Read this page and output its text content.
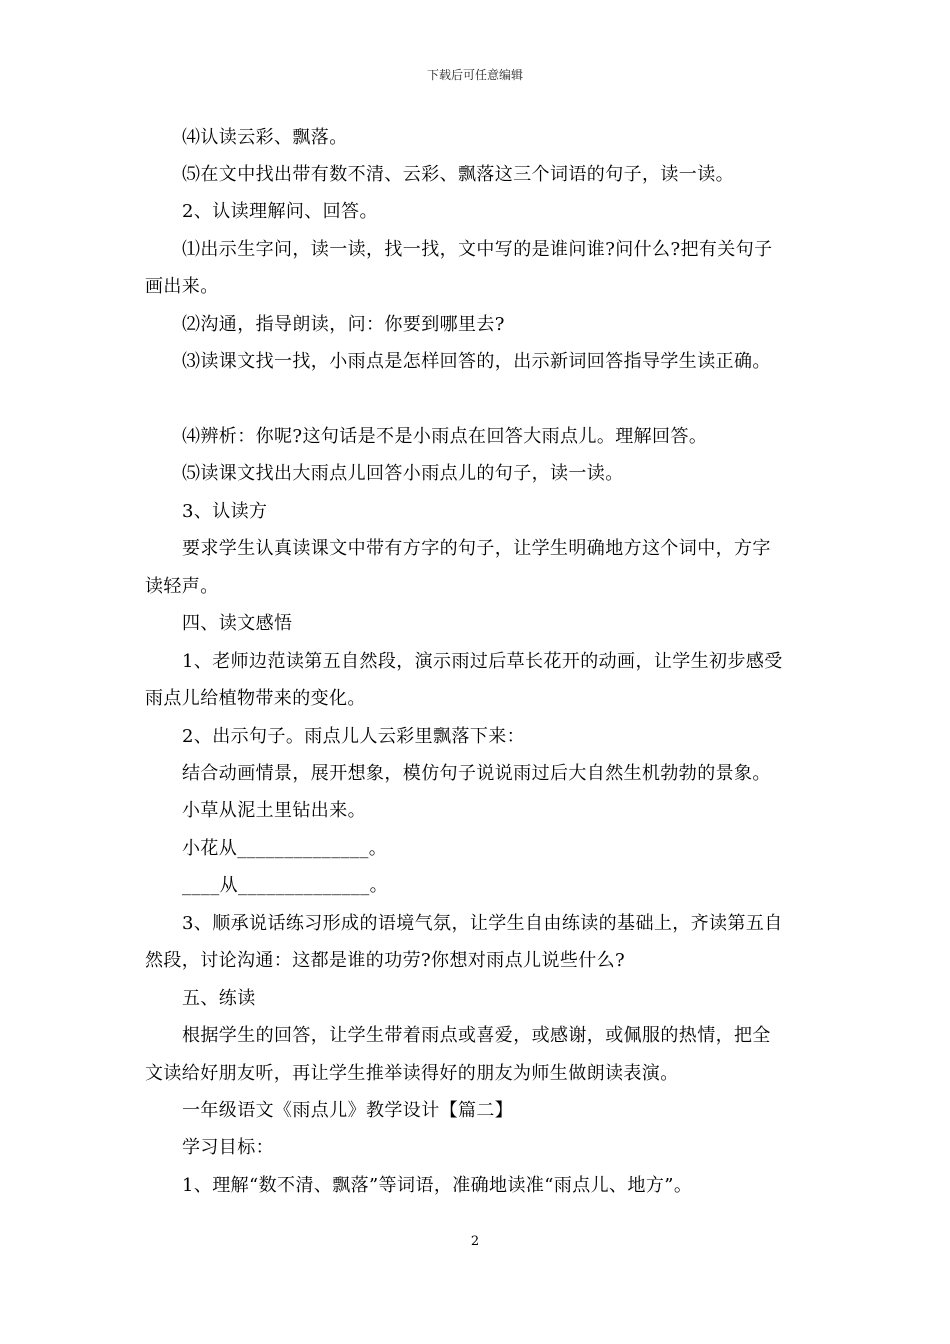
下载后可任意编辑
⑷认读云彩、飘落。
⑸在文中找出带有数不清、云彩、飘落这三个词语的句子，读一读。
2、认读理解问、回答。
⑴出示生字问，读一读，找一找，文中写的是谁问谁?问什么?把有关句子
画出来。
⑵沟通，指导朗读，问：你要到哪里去?
⑶读课文找一找，小雨点是怎样回答的，出示新词回答指导学生读正确。
⑷辨析：你呢?这句话是不是小雨点在回答大雨点儿。理解回答。
⑸读课文找出大雨点儿回答小雨点儿的句子，读一读。
3、认读方
要求学生认真读课文中带有方字的句子，让学生明确地方这个词中，方字
读轻声。
四、读文感悟
1、老师边范读第五自然段，演示雨过后草长花开的动画，让学生初步感受
雨点儿给植物带来的变化。
2、出示句子。雨点儿人云彩里飘落下来：
结合动画情景，展开想象，模仿句子说说雨过后大自然生机勃勃的景象。
小草从泥土里钻出来。
小花从______________。
____从______________。
3、顺承说话练习形成的语境气氛，让学生自由练读的基础上，齐读第五自
然段，讨论沟通：这都是谁的功劳?你想对雨点儿说些什么?
五、练读
根据学生的回答，让学生带着雨点或喜爱，或感谢，或佩服的热情，把全
文读给好朋友听，再让学生推举读得好的朋友为师生做朗读表演。
一年级语文《雨点儿》教学设计【篇二】
学习目标：
1、理解“数不清、飘落”等词语，准确地读准“雨点儿、地方”。
2
